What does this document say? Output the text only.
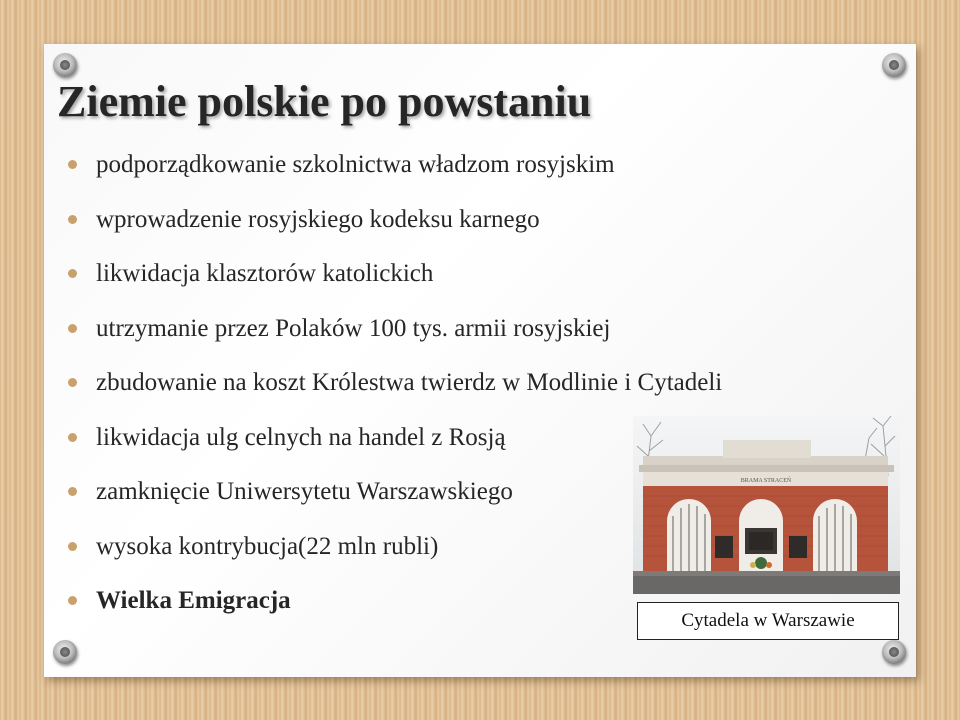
Ziemie polskie po powstaniu
podporządkowanie szkolnictwa władzom rosyjskim
wprowadzenie rosyjskiego kodeksu karnego
likwidacja klasztorów katolickich
utrzymanie przez Polaków 100 tys. armii rosyjskiej
zbudowanie na koszt Królestwa twierdz w Modlinie i Cytadeli
likwidacja ulg celnych na handel z Rosją
zamknięcie Uniwersytetu Warszawskiego
wysoka kontrybucja(22 mln rubli)
Wielka Emigracja
BRAMA STRACEŃ
Cytadela w Warszawie
